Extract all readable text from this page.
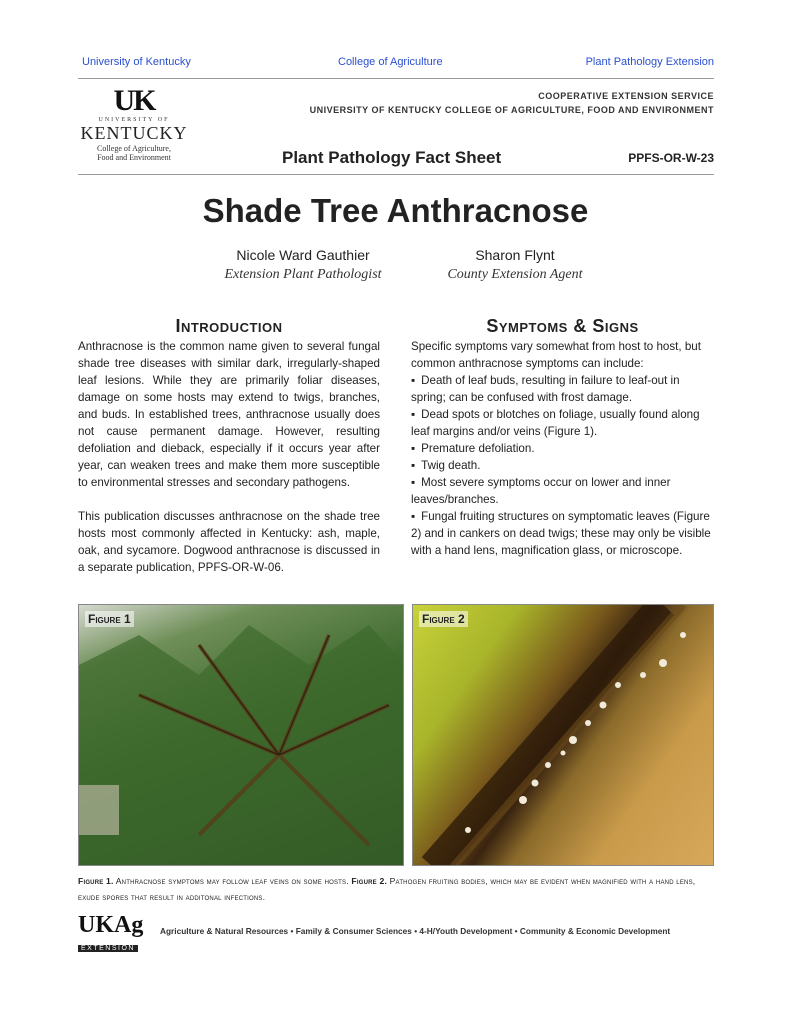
University of Kentucky	College of Agriculture	Plant Pathology Extension
UK
UNIVERSITY OF
KENTUCKY
College of Agriculture,
Food and Environment
COOPERATIVE EXTENSION SERVICE
UNIVERSITY OF KENTUCKY COLLEGE OF AGRICULTURE, FOOD AND ENVIRONMENT
Plant Pathology Fact Sheet	PPFS-OR-W-23
Shade Tree Anthracnose
Nicole Ward Gauthier
Extension Plant Pathologist
Sharon Flynt
County Extension Agent
Introduction

Anthracnose is the common name given to several fungal shade tree diseases with similar dark, irregularly-shaped leaf lesions. While they are primarily foliar diseases, damage on some hosts may extend to twigs, branches, and buds. In established trees, anthracnose usually does not cause permanent damage. However, resulting defoliation and dieback, especially if it occurs year after year, can weaken trees and make them more susceptible to environmental stresses and secondary pathogens.

This publication discusses anthracnose on the shade tree hosts most commonly affected in Kentucky: ash, maple, oak, and sycamore. Dogwood anthracnose is discussed in a separate publication, PPFS-OR-W-06.

Symptoms & Signs
Specific symptoms vary somewhat from host to host, but common anthracnose symptoms can include:
▪ Death of leaf buds, resulting in failure to leaf-out in spring; can be confused with frost damage.
▪ Dead spots or blotches on foliage, usually found along leaf margins and/or veins (Figure 1).
▪ Premature defoliation.
▪ Twig death.
▪ Most severe symptoms occur on lower and inner leaves/branches.
▪ Fungal fruiting structures on symptomatic leaves (Figure 2) and in cankers on dead twigs; these may only be visible with a hand lens, magnification glass, or microscope.
Figure 1	Figure 2
Figure 1. Anthracnose symptoms may follow leaf veins on some hosts. Figure 2. Pathogen fruiting bodies, which may be evident when magnified with a hand lens, exude spores that result in additonal infections.
UKAg
EXTENSION
Agriculture & Natural Resources • Family & Consumer Sciences • 4-H/Youth Development • Community & Economic Development
